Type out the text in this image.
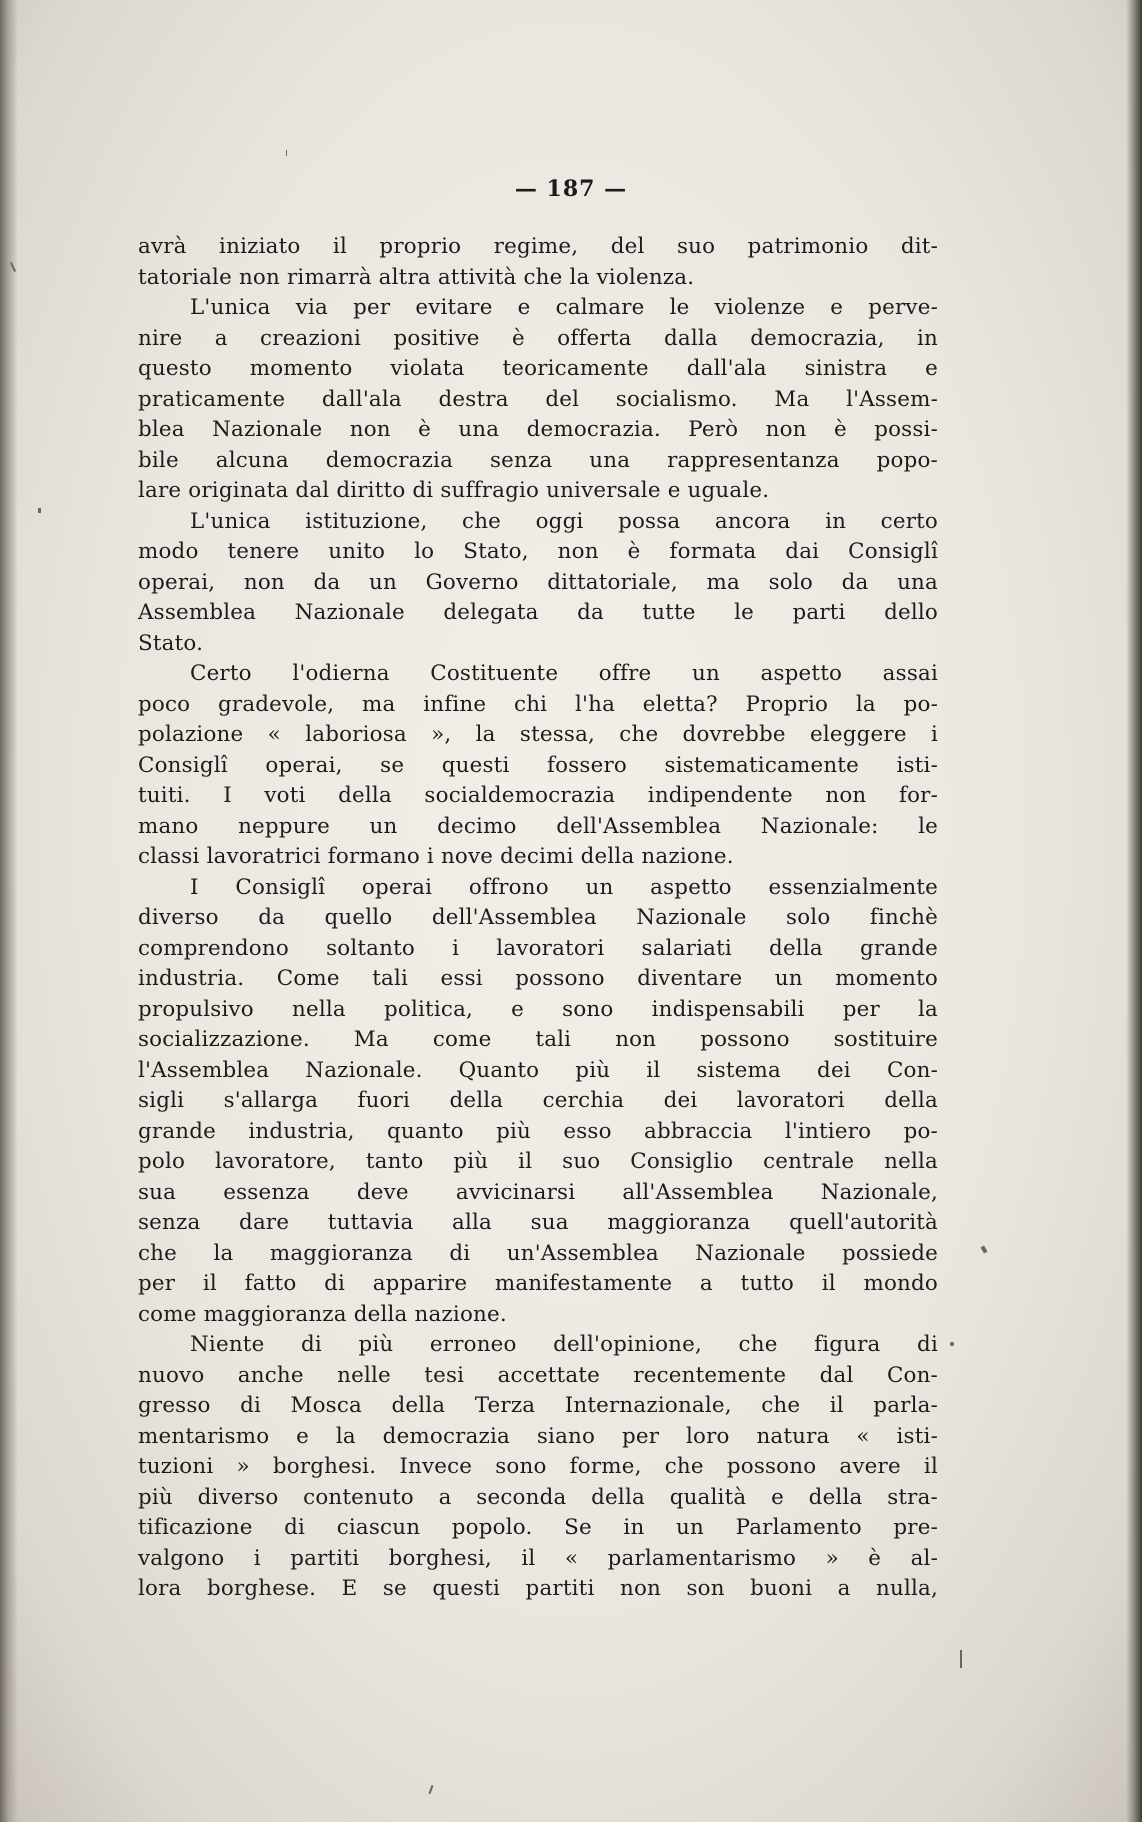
— 187 —
avrà iniziato il proprio regime, del suo patrimonio dit-
tatoriale non rimarrà altra attività che la violenza.
L'unica via per evitare e calmare le violenze e perve-
nire a creazioni positive è offerta dalla democrazia, in
questo momento violata teoricamente dall'ala sinistra e
praticamente dall'ala destra del socialismo. Ma l'Assem-
blea Nazionale non è una democrazia. Però non è possi-
bile alcuna democrazia senza una rappresentanza popo-
lare originata dal diritto di suffragio universale e uguale.
L'unica istituzione, che oggi possa ancora in certo
modo tenere unito lo Stato, non è formata dai Consiglî
operai, non da un Governo dittatoriale, ma solo da una
Assemblea Nazionale delegata da tutte le parti dello
Stato.
Certo l'odierna Costituente offre un aspetto assai
poco gradevole, ma infine chi l'ha eletta? Proprio la po-
polazione « laboriosa », la stessa, che dovrebbe eleggere i
Consiglî operai, se questi fossero sistematicamente isti-
tuiti. I voti della socialdemocrazia indipendente non for-
mano neppure un decimo dell'Assemblea Nazionale: le
classi lavoratrici formano i nove decimi della nazione.
I Consiglî operai offrono un aspetto essenzialmente
diverso da quello dell'Assemblea Nazionale solo finchè
comprendono soltanto i lavoratori salariati della grande
industria. Come tali essi possono diventare un momento
propulsivo nella politica, e sono indispensabili per la
socializzazione. Ma come tali non possono sostituire
l'Assemblea Nazionale. Quanto più il sistema dei Con-
sigli s'allarga fuori della cerchia dei lavoratori della
grande industria, quanto più esso abbraccia l'intiero po-
polo lavoratore, tanto più il suo Consiglio centrale nella
sua essenza deve avvicinarsi all'Assemblea Nazionale,
senza dare tuttavia alla sua maggioranza quell'autorità
che la maggioranza di un'Assemblea Nazionale possiede
per il fatto di apparire manifestamente a tutto il mondo
come maggioranza della nazione.
Niente di più erroneo dell'opinione, che figura di
nuovo anche nelle tesi accettate recentemente dal Con-
gresso di Mosca della Terza Internazionale, che il parla-
mentarismo e la democrazia siano per loro natura « isti-
tuzioni » borghesi. Invece sono forme, che possono avere il
più diverso contenuto a seconda della qualità e della stra-
tificazione di ciascun popolo. Se in un Parlamento pre-
valgono i partiti borghesi, il « parlamentarismo » è al-
lora borghese. E se questi partiti non son buoni a nulla,
